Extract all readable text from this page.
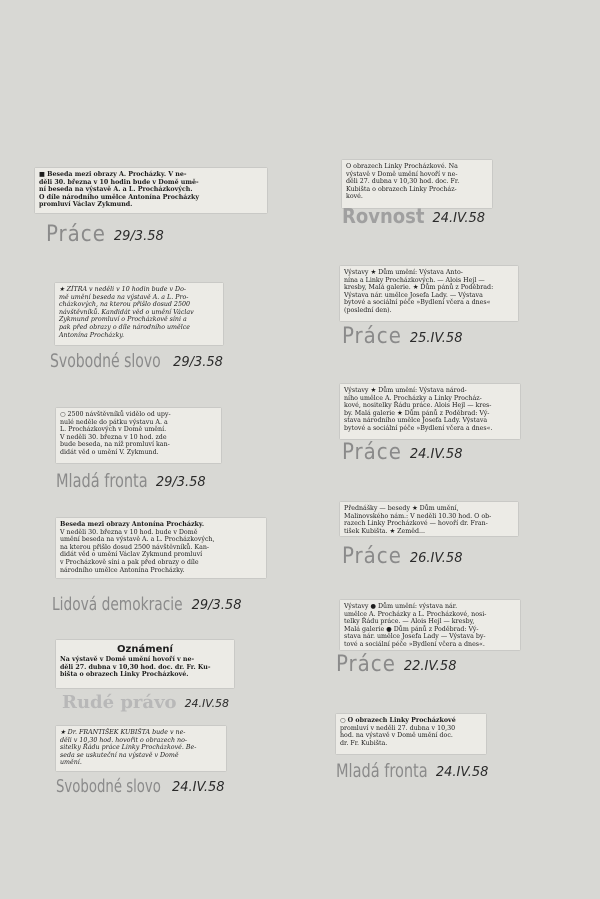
■ Beseda mezi obrazy A. Procházky. V ne-
děli 30. března v 10 hodin bude v Domě umě-
ní beseda na výstavě A. a L. Procházkových.
O díle národního umělce Antonína Procházky
promluví Václav Zykmund.
Práce 29/3.58
★ ZÍTRA v neděli v 10 hodin bude v Do-
mě umění beseda na výstavě A. a L. Pro-
cházkových, na kterou přišlo dosud 2500
návštěvníků. Kandidát věd o umění Václav
Zykmund promluví o Procházkově síni a
pak před obrazy o díle národního umělce
Antonína Procházky.
Svobodné slovo 29/3.58
○ 2500 návštěvníků vidělo od upy-
nulé neděle do pátku výstavu A. a
L. Procházkových v Domě umění.
V neděli 30. března v 10 hod. zde
bude beseda, na níž promluví kan-
didát věd o umění V. Zykmund.
Mladá fronta 29/3.58
Beseda mezi obrazy Antonína Procházky.
V neděli 30. března v 10 hod. bude v Domě
umění beseda na výstavě A. a L. Procházkových,
na kterou přišlo dosud 2500 návštěvníků. Kan-
didát věd o umění Václav Zykmund promluví
v Procházkově síni a pak před obrazy o díle
národního umělce Antonína Procházky.
Lidová demokracie 29/3.58
Oznámení
Na výstavě v Domě umění hovoří v ne-
děli 27. dubna v 10,30 hod. doc. dr. Fr. Ku-
bišta o obrazech Linky Procházkové.
Rudé právo 24.IV.58
★ Dr. FRANTIŠEK KUBIŠTA bude v ne-
děli v 10,30 hod. hovořit o obrazech no-
sitelky Řádu práce Linky Procházkové. Be-
seda se uskuteční na výstavě v Domě
umění.
Svobodné slovo 24.IV.58
O obrazech Linky Procházkové. Na
výstavě v Domě umění hovoří v ne-
děli 27. dubna v 10,30 hod. doc. Fr.
Kubišta o obrazech Linky Procház-
kové.
Rovnost 24.IV.58
Výstavy ★ Dům umění: Výstava Anto-
nína a Linky Procházkových. — Alois Hejl —
kresby, Malá galerie. ★ Dům pánů z Poděbrad:
Výstava nár. umělce Josefa Lady. — Výstava
bytové a sociální péče »Bydlení včera a dnes«
(poslední den).
Práce 25.IV.58
Výstavy ★ Dům umění: Výstava národ-
ního umělce A. Procházky a Linky Procház-
kové, nositelky Řádu práce. Alois Hejl — kres-
by. Malá galerie ★ Dům pánů z Poděbrad: Vý-
stava národního umělce Josefa Lady. Výstava
bytové a sociální péče »Bydlení včera a dnes«.
Práce 24.IV.58
Přednášky — besedy ★ Dům umění,
Malinovského nám.: V neděli 10.30 hod. O ob-
razech Linky Procházkové — hovoří dr. Fran-
tišek Kubišta. ★ Zeměd...
Práce 26.IV.58
Výstavy ● Dům umění: výstava nár.
umělce A. Procházky a L. Procházkové, nosi-
telky Řádu práce. — Alois Hejl — kresby,
Malá galerie ● Dům pánů z Poděbrad: Vý-
stava nár. umělce Josefa Lady — Výstava by-
tové a sociální péče »Bydlení včera a dnes«.
Práce 22.IV.58
○ O obrazech Linky Procházkové
promluví v neděli 27. dubna v 10,30
hod. na výstavě v Domě umění doc.
dr. Fr. Kubišta.
Mladá fronta 24.IV.58
